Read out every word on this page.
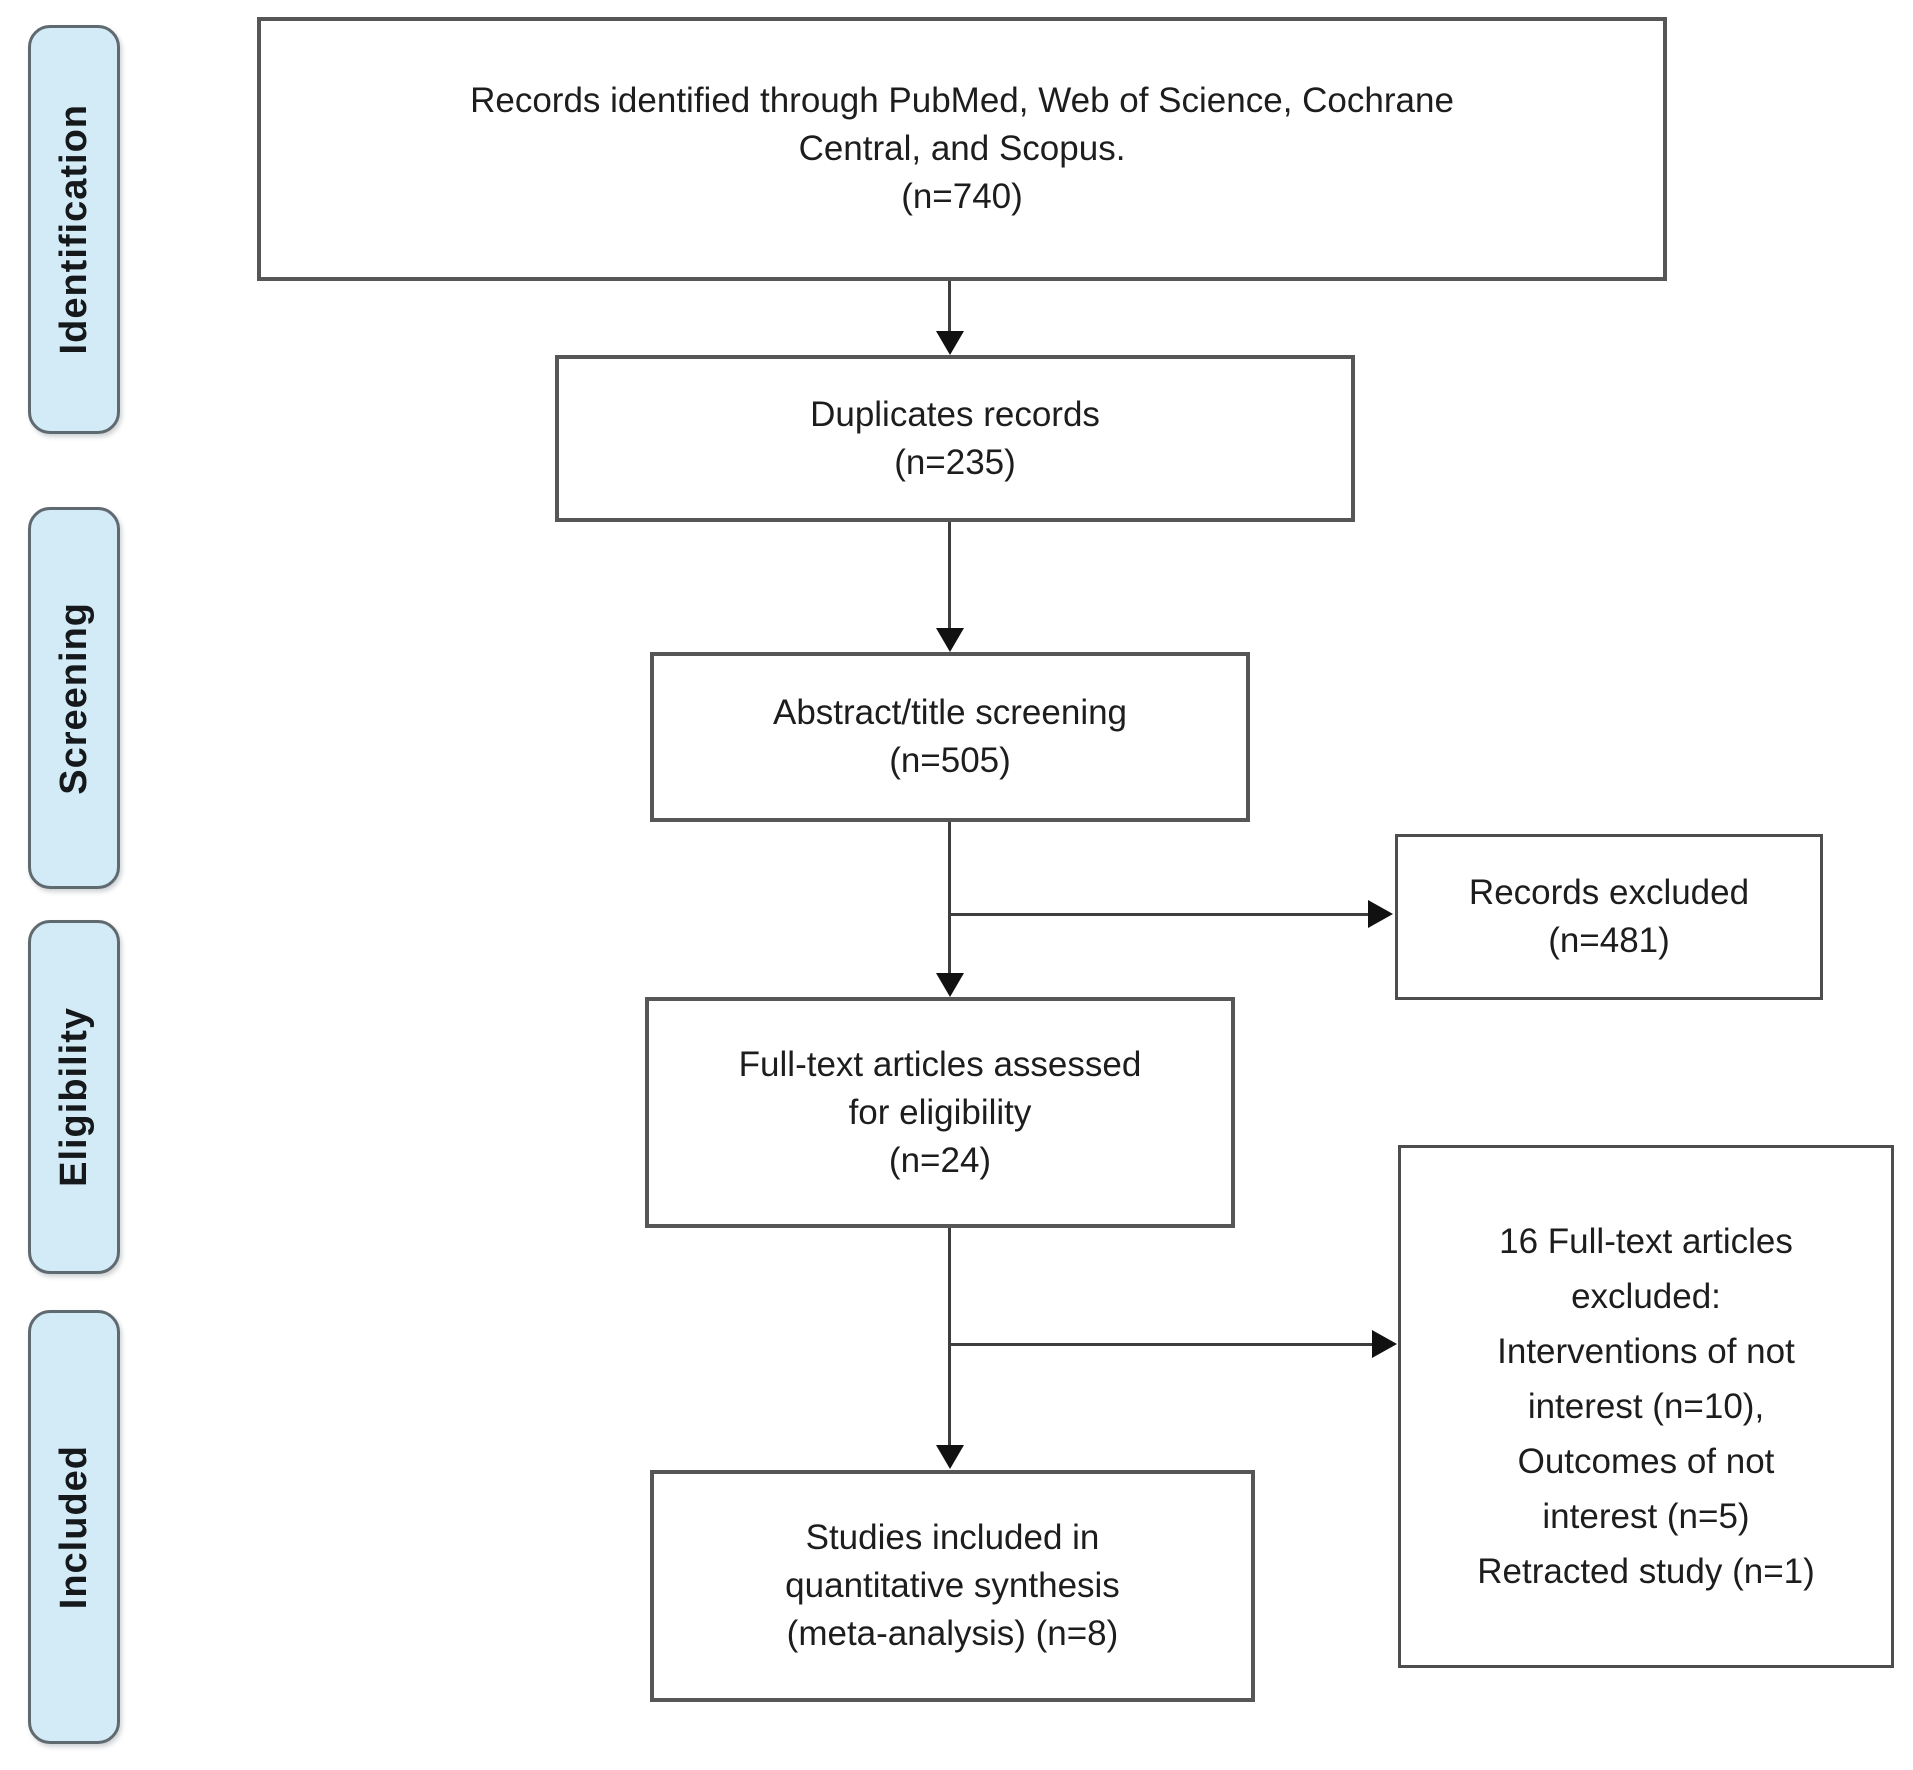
Identification
Screening
Eligibility
Included
Records identified through PubMed, Web of Science, Cochrane
Central, and Scopus.
(n=740)
Duplicates records
(n=235)
Abstract/title screening
(n=505)
Records excluded
(n=481)
Full-text articles assessed
for eligibility
(n=24)
16 Full-text articles
excluded:
Interventions of not
interest (n=10),
Outcomes of not
interest (n=5)
Retracted study (n=1)
Studies included in
quantitative synthesis
(meta-analysis) (n=8)
